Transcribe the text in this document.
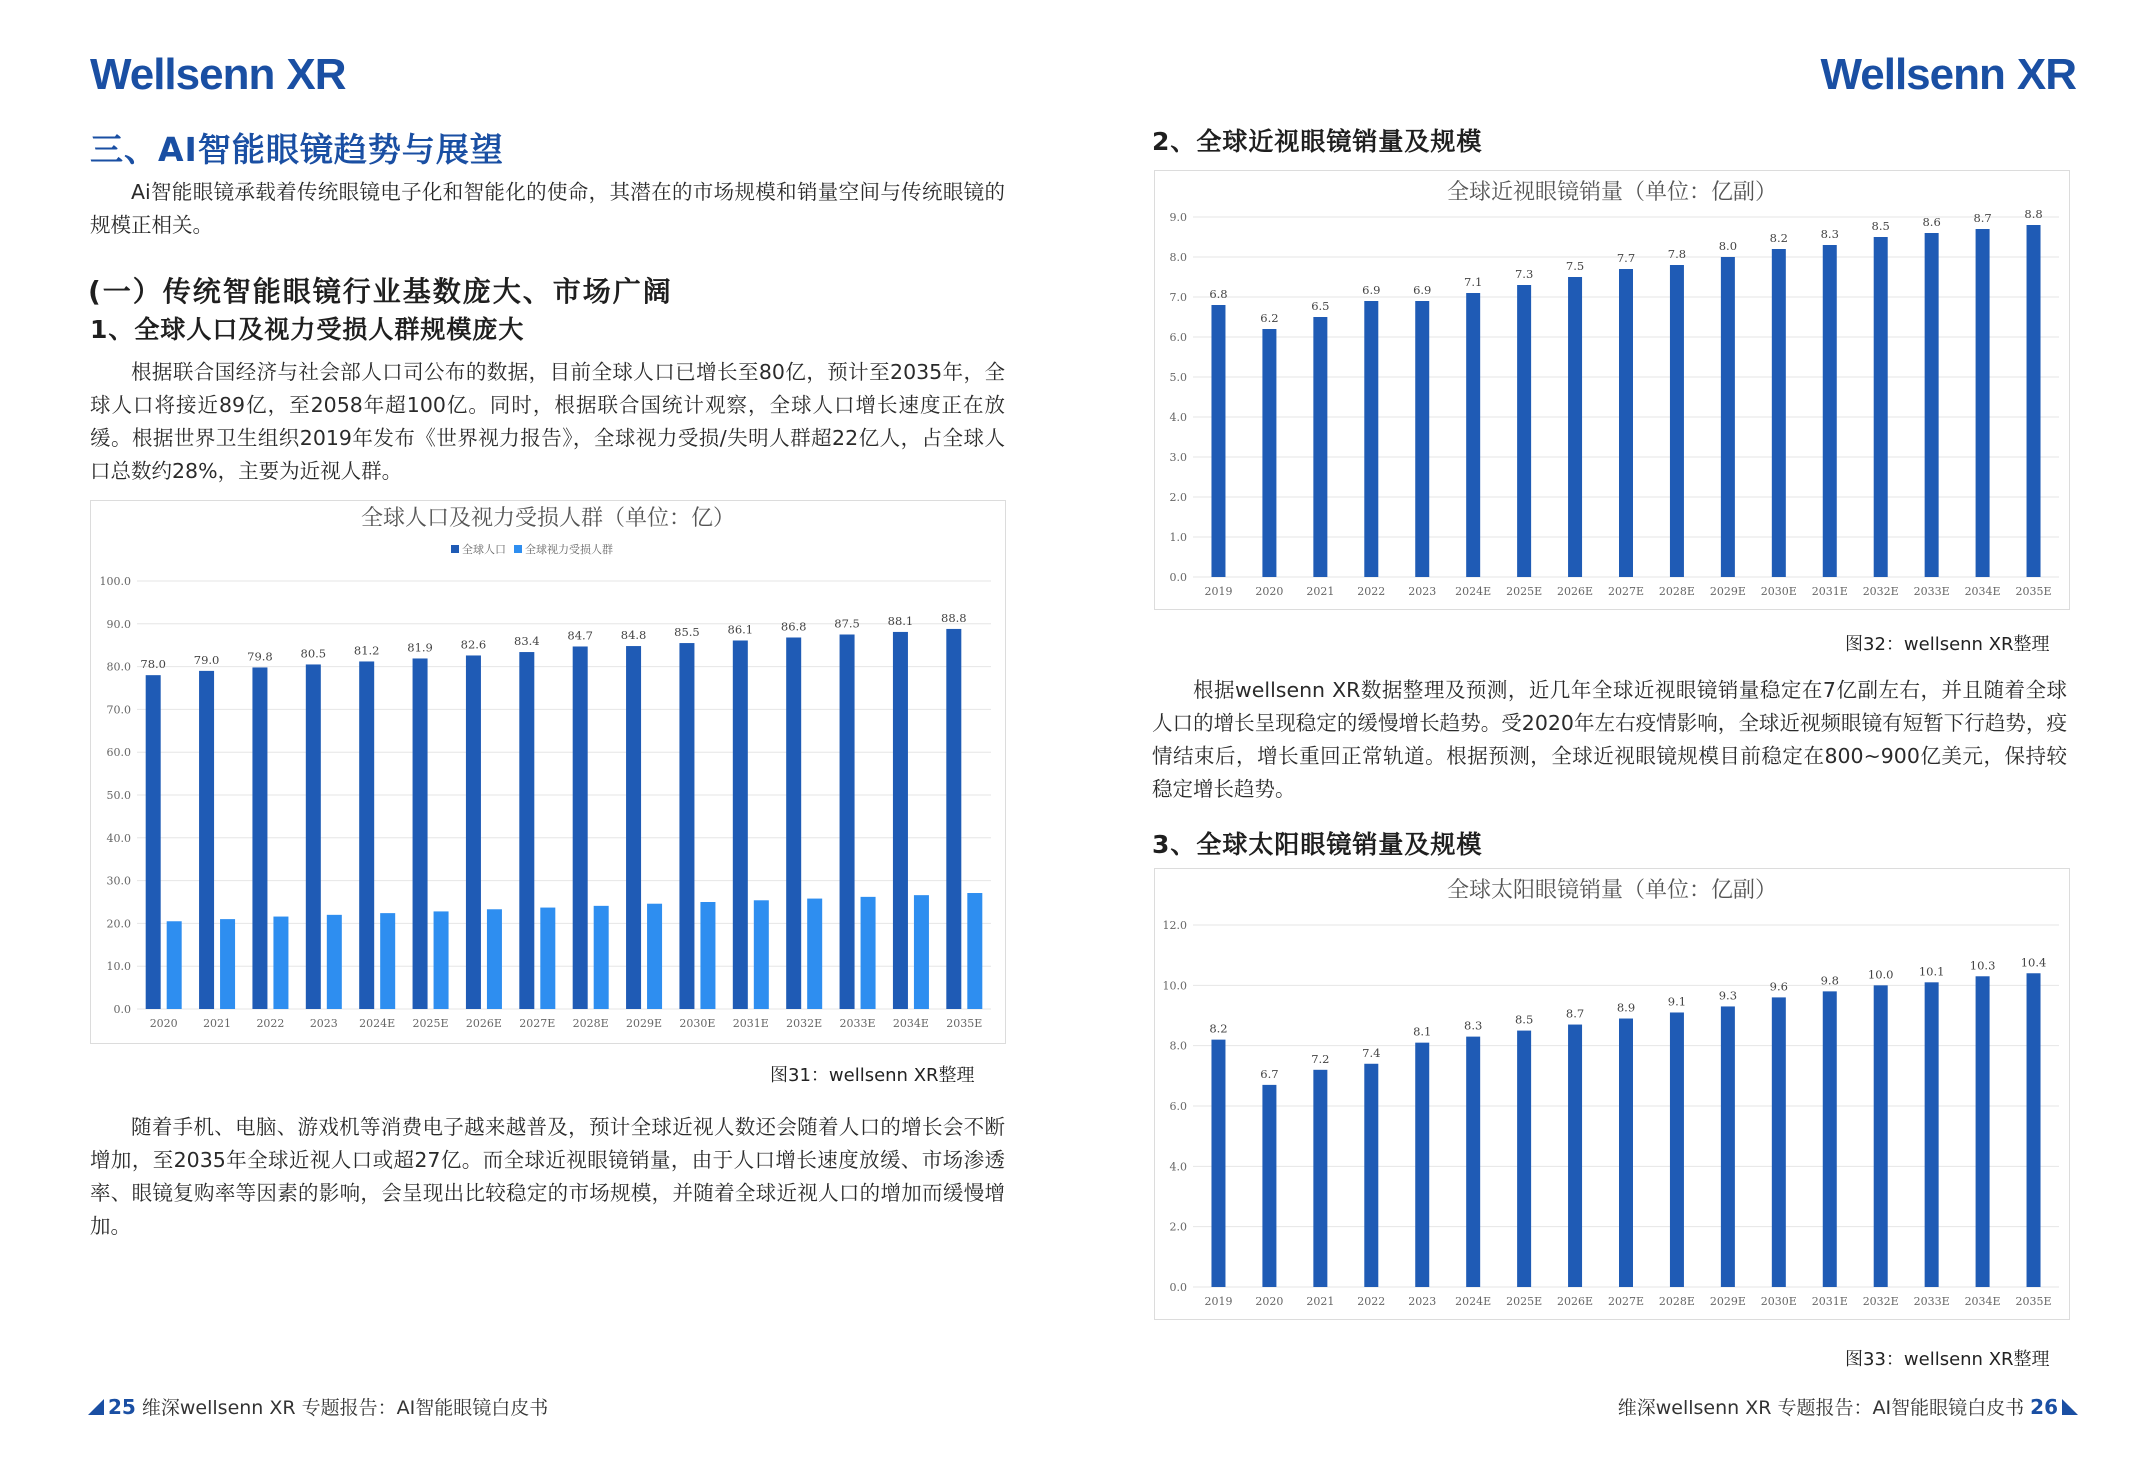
Wellsenn XR	Wellsenn XR
三、AI智能眼镜趋势与展望

Ai智能眼镜承载着传统眼镜电子化和智能化的使命，其潜在的市场规模和销量空间与传统眼镜的规模正相关。

(一）传统智能眼镜行业基数庞大、市场广阔
1、全球人口及视力受损人群规模庞大

根据联合国经济与社会部人口司公布的数据，目前全球人口已增长至80亿，预计至2035年，全球人口将接近89亿，至2058年超100亿。同时，根据联合国统计观察，全球人口增长速度正在放缓。根据世界卫生组织2019年发布《世界视力报告》，全球视力受损/失明人群超22亿人，占全球人口总数约28%，主要为近视人群。

全球人口及视力受损人群（单位：亿）
0.0
10.0
20.0
30.0
40.0
50.0
60.0
70.0
80.0
90.0
100.0
全球人口 全球视力受损人群
78.0
2020
79.0
2021
79.8
2022
80.5
2023
81.2
2024E
81.9
2025E
82.6
2026E
83.4
2027E
84.7
2028E
84.8
2029E
85.5
2030E
86.1
2031E
86.8
2032E
87.5
2033E
88.1
2034E
88.8
2035E
图31：wellsenn XR整理

随着手机、电脑、游戏机等消费电子越来越普及，预计全球近视人数还会随着人口的增长会不断增加，至2035年全球近视人口或超27亿。而全球近视眼镜销量，由于人口增长速度放缓、市场渗透率、眼镜复购率等因素的影响，会呈现出比较稳定的市场规模，并随着全球近视人口的增加而缓慢增加。

2、全球近视眼镜销量及规模
全球近视眼镜销量（单位：亿副）
0.0
1.0
2.0
3.0
4.0
5.0
6.0
7.0
8.0
9.0
6.8
2019
6.2
2020
6.5
2021
6.9
2022
6.9
2023
7.1
2024E
7.3
2025E
7.5
2026E
7.7
2027E
7.8
2028E
8.0
2029E
8.2
2030E
8.3
2031E
8.5
2032E
8.6
2033E
8.7
2034E
8.8
2035E
图32：wellsenn XR整理

根据wellsenn XR数据整理及预测，近几年全球近视眼镜销量稳定在7亿副左右，并且随着全球人口的增长呈现稳定的缓慢增长趋势。受2020年左右疫情影响，全球近视频眼镜有短暂下行趋势，疫情结束后，增长重回正常轨道。根据预测，全球近视眼镜规模目前稳定在800~900亿美元，保持较稳定增长趋势。

3、全球太阳眼镜销量及规模
全球太阳眼镜销量（单位：亿副）
0.0
2.0
4.0
6.0
8.0
10.0
12.0
8.2
2019
6.7
2020
7.2
2021
7.4
2022
8.1
2023
8.3
2024E
8.5
2025E
8.7
2026E
8.9
2027E
9.1
2028E
9.3
2029E
9.6
2030E
9.8
2031E
10.0
2032E
10.1
2033E
10.3
2034E
10.4
2035E
图33：wellsenn XR整理
25 维深wellsenn XR 专题报告：AI智能眼镜白皮书	维深wellsenn XR 专题报告：AI智能眼镜白皮书 26
